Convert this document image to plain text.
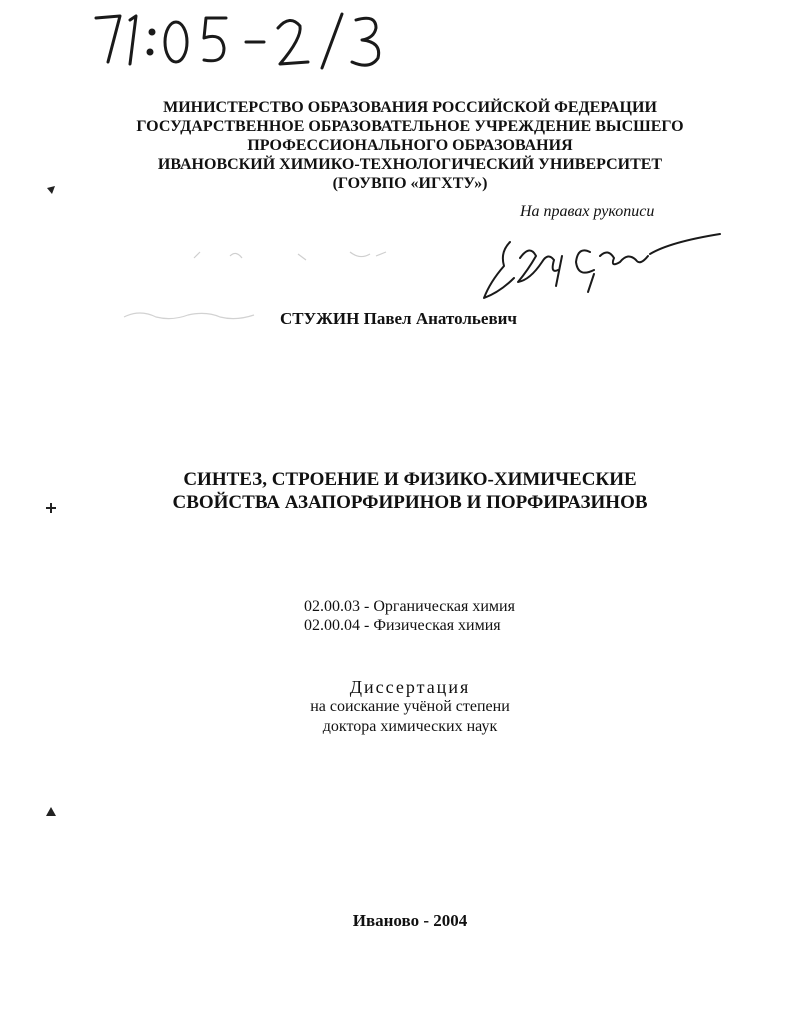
МИНИСТЕРСТВО ОБРАЗОВАНИЯ РОССИЙСКОЙ ФЕДЕРАЦИИ
ГОСУДАРСТВЕННОЕ ОБРАЗОВАТЕЛЬНОЕ УЧРЕЖДЕНИЕ ВЫСШЕГО
ПРОФЕССИОНАЛЬНОГО ОБРАЗОВАНИЯ
ИВАНОВСКИЙ ХИМИКО-ТЕХНОЛОГИЧЕСКИЙ УНИВЕРСИТЕТ
(ГОУВПО «ИГХТУ»)
На правах рукописи
СТУЖИН Павел Анатольевич
СИНТЕЗ, СТРОЕНИЕ И ФИЗИКО-ХИМИЧЕСКИЕ
СВОЙСТВА АЗАПОРФИРИНОВ И ПОРФИРАЗИНОВ
02.00.03 - Органическая химия
02.00.04 - Физическая химия
Диссертация
на соискание учёной степени
доктора химических наук
Иваново - 2004
